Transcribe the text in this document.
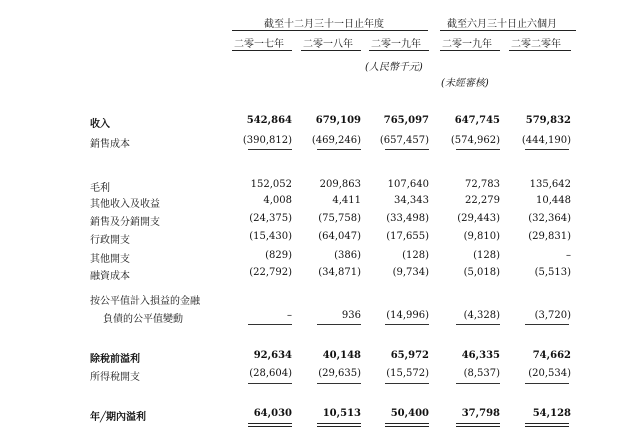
截至十二月三十一日止年度	截至六月三十日止六個月
二零一七年 二零一八年 二零一九年 二零一九年 二零二零年
(人民幣千元)
(未經審核)
收入	542,864	679,109	765,097	647,745	579,832
銷售成本	(390,812)	(469,246)	(657,457)	(574,962)	(444,190)
毛利	152,052	209,863	107,640	72,783	135,642
其他收入及收益	4,008	4,411	34,343	22,279	10,448
銷售及分銷開支	(24,375)	(75,758)	(33,498)	(29,443)	(32,364)
行政開支	(15,430)	(64,047)	(17,655)	(9,810)	(29,831)
其他開支	(829)	(386)	(128)	(128)	–
融資成本	(22,792)	(34,871)	(9,734)	(5,018)	(5,513)
按公平值計入損益的金融
負債的公平值變動	–	936	(14,996)	(4,328)	(3,720)
除稅前溢利	92,634	40,148	65,972	46,335	74,662
所得稅開支	(28,604)	(29,635)	(15,572)	(8,537)	(20,534)
年╱期內溢利	64,030	10,513	50,400	37,798	54,128
